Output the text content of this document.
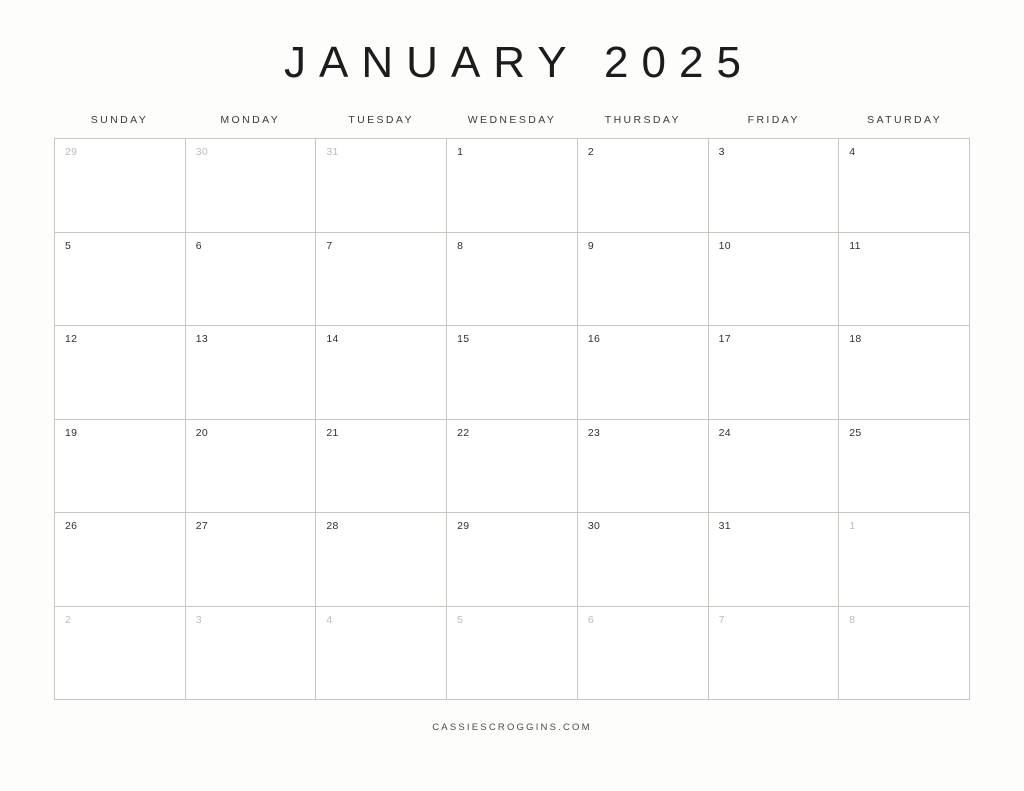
JANUARY 2025
SUNDAY	MONDAY	TUESDAY	WEDNESDAY	THURSDAY	FRIDAY	SATURDAY
29	30	31	1	2	3	4
5	6	7	8	9	10	11
12	13	14	15	16	17	18
19	20	21	22	23	24	25
26	27	28	29	30	31	1
2	3	4	5	6	7	8
CASSIESCROGGINS.COM
